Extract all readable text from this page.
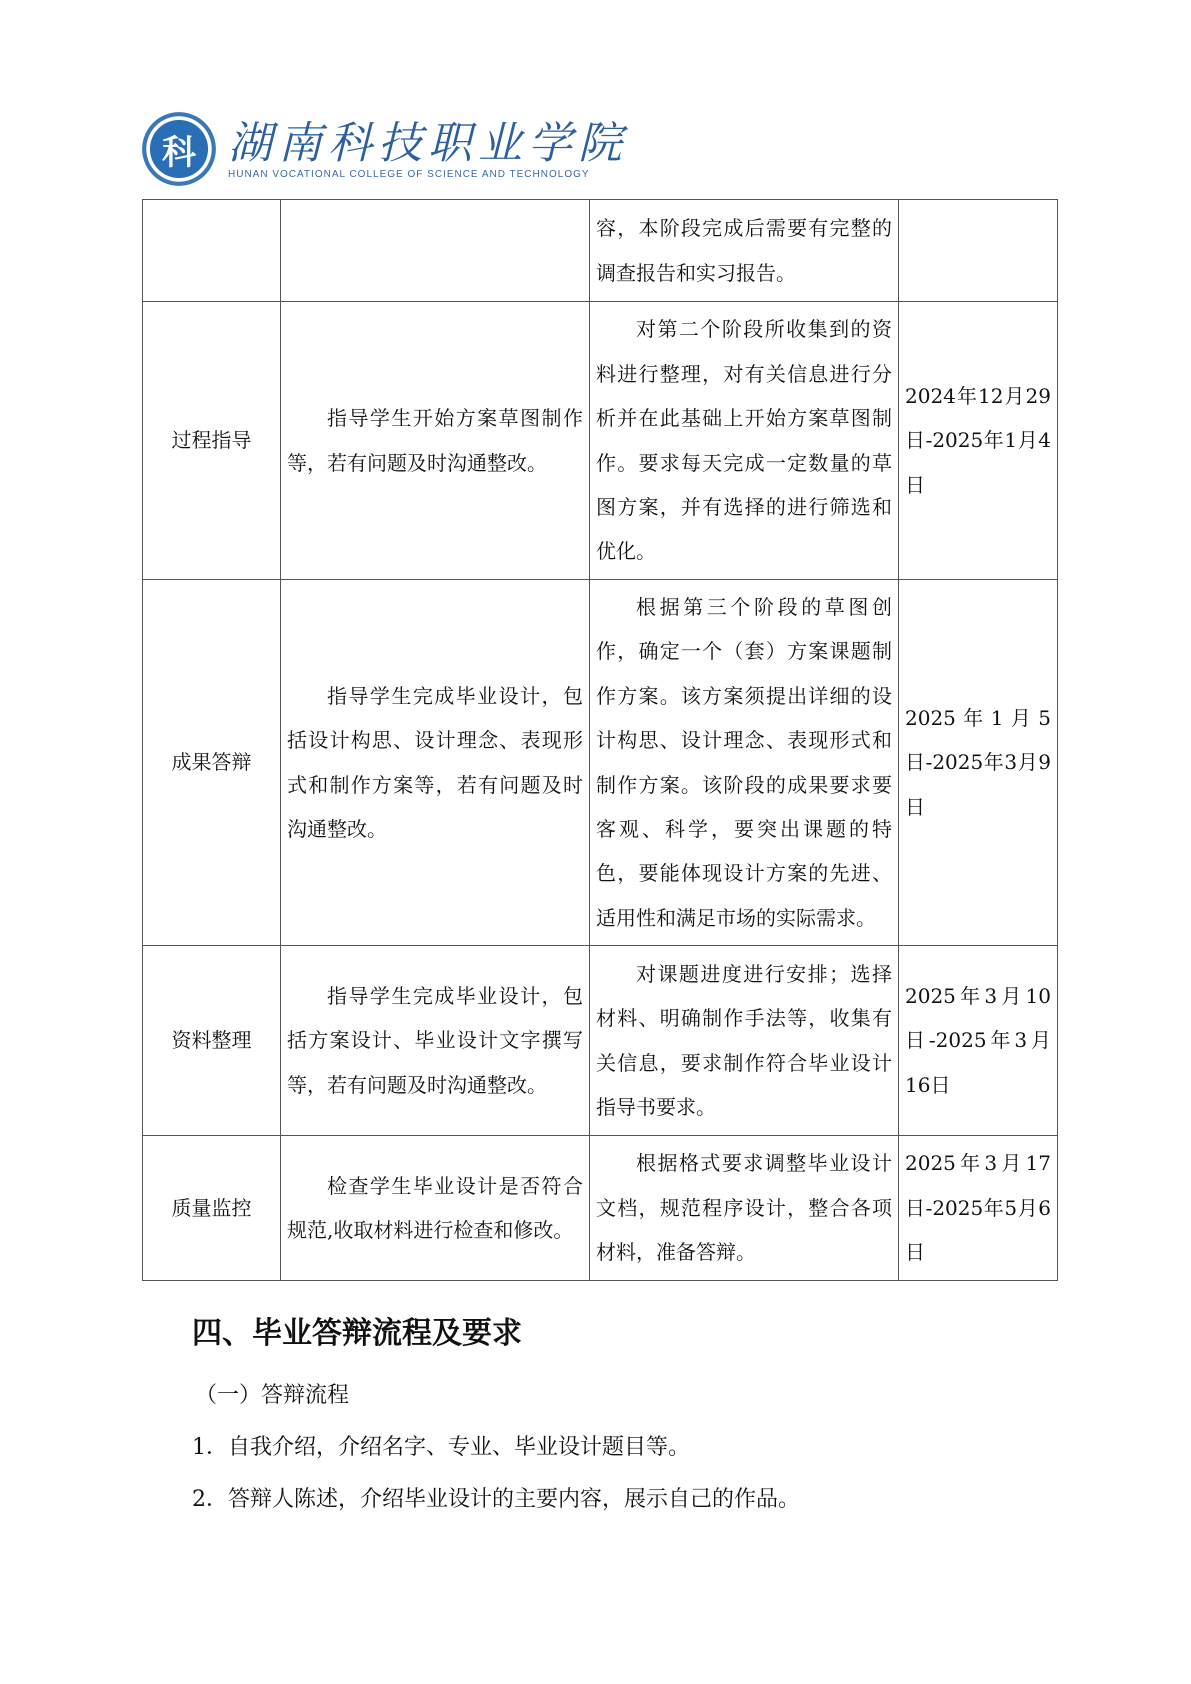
科 湖南科技职业学院
HUNAN VOCATIONAL COLLEGE OF SCIENCE AND TECHNOLOGY
		容，本阶段完成后需要有完整的调查报告和实习报告。	
过程指导	指导学生开始方案草图制作等，若有问题及时沟通整改。	对第二个阶段所收集到的资料进行整理，对有关信息进行分析并在此基础上开始方案草图制作。要求每天完成一定数量的草图方案，并有选择的进行筛选和优化。	2024年12月29日-2025年1月4日
成果答辩	指导学生完成毕业设计，包括设计构思、设计理念、表现形式和制作方案等，若有问题及时沟通整改。	根据第三个阶段的草图创作，确定一个（套）方案课题制作方案。该方案须提出详细的设计构思、设计理念、表现形式和制作方案。该阶段的成果要求要客观、科学，要突出课题的特色，要能体现设计方案的先进、适用性和满足市场的实际需求。	2025年1月5日-2025年3月9日
资料整理	指导学生完成毕业设计，包括方案设计、毕业设计文字撰写等，若有问题及时沟通整改。	对课题进度进行安排；选择材料、明确制作手法等，收集有关信息，要求制作符合毕业设计指导书要求。	2025年3月10日-2025年3月16日
质量监控	检查学生毕业设计是否符合规范,收取材料进行检查和修改。	根据格式要求调整毕业设计文档，规范程序设计，整合各项材料，准备答辩。	2025年3月17日-2025年5月6日
四、毕业答辩流程及要求
（一）答辩流程
1．自我介绍，介绍名字、专业、毕业设计题目等。
2．答辩人陈述，介绍毕业设计的主要内容，展示自己的作品。
